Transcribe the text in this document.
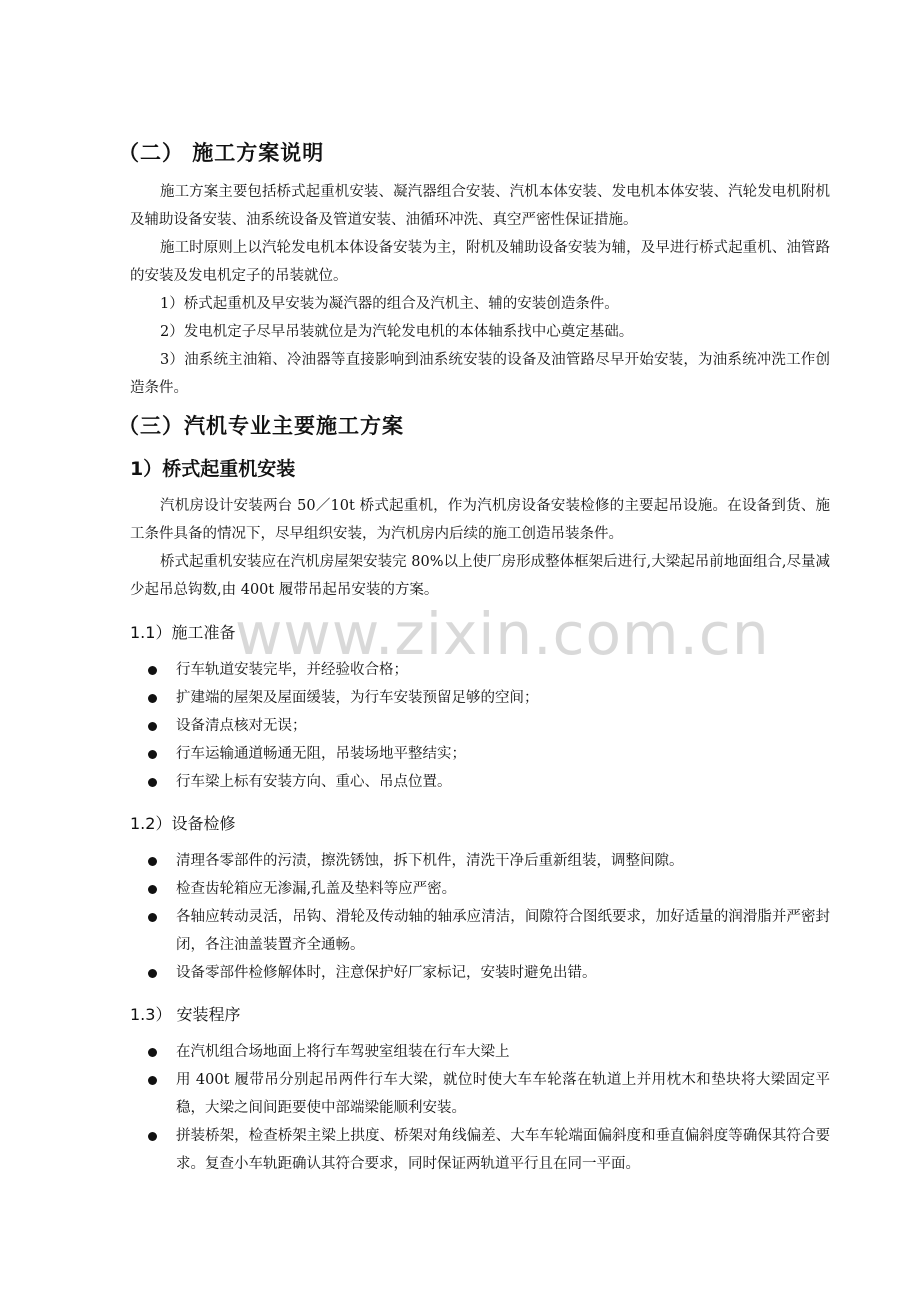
（二） 施工方案说明

施工方案主要包括桥式起重机安装、凝汽器组合安装、汽机本体安装、发电机本体安装、汽轮发电机附机及辅助设备安装、油系统设备及管道安装、油循环冲洗、真空严密性保证措施。

施工时原则上以汽轮发电机本体设备安装为主，附机及辅助设备安装为辅，及早进行桥式起重机、油管路的安装及发电机定子的吊装就位。

1）桥式起重机及早安装为凝汽器的组合及汽机主、辅的安装创造条件。

2）发电机定子尽早吊装就位是为汽轮发电机的本体轴系找中心奠定基础。

3）油系统主油箱、冷油器等直接影响到油系统安装的设备及油管路尽早开始安装，为油系统冲洗工作创造条件。

（三）汽机专业主要施工方案
1）桥式起重机安装

汽机房设计安装两台 50／10t 桥式起重机，作为汽机房设备安装检修的主要起吊设施。在设备到货、施工条件具备的情况下，尽早组织安装，为汽机房内后续的施工创造吊装条件。

桥式起重机安装应在汽机房屋架安装完 80%以上使厂房形成整体框架后进行,大梁起吊前地面组合,尽量减少起吊总钩数,由 400t 履带吊起吊安装的方案。

1.1）施工准备
行车轨道安装完毕，并经验收合格；
扩建端的屋架及屋面缓装，为行车安装预留足够的空间；
设备清点核对无误；
行车运输通道畅通无阻，吊装场地平整结实；
行车梁上标有安装方向、重心、吊点位置。
1.2）设备检修
清理各零部件的污渍，擦洗锈蚀，拆下机件，清洗干净后重新组装，调整间隙。
检查齿轮箱应无渗漏,孔盖及垫料等应严密。
各轴应转动灵活，吊钩、滑轮及传动轴的轴承应清洁，间隙符合图纸要求，加好适量的润滑脂并严密封闭，各注油盖装置齐全通畅。
设备零部件检修解体时，注意保护好厂家标记，安装时避免出错。
1.3） 安装程序
在汽机组合场地面上将行车驾驶室组装在行车大梁上
用 400t 履带吊分别起吊两件行车大梁，就位时使大车车轮落在轨道上并用枕木和垫块将大梁固定平稳，大梁之间间距要使中部端梁能顺利安装。
拼装桥架，检查桥架主梁上拱度、桥架对角线偏差、大车车轮端面偏斜度和垂直偏斜度等确保其符合要求。复查小车轨距确认其符合要求，同时保证两轨道平行且在同一平面。
www.zixin.com.cn
